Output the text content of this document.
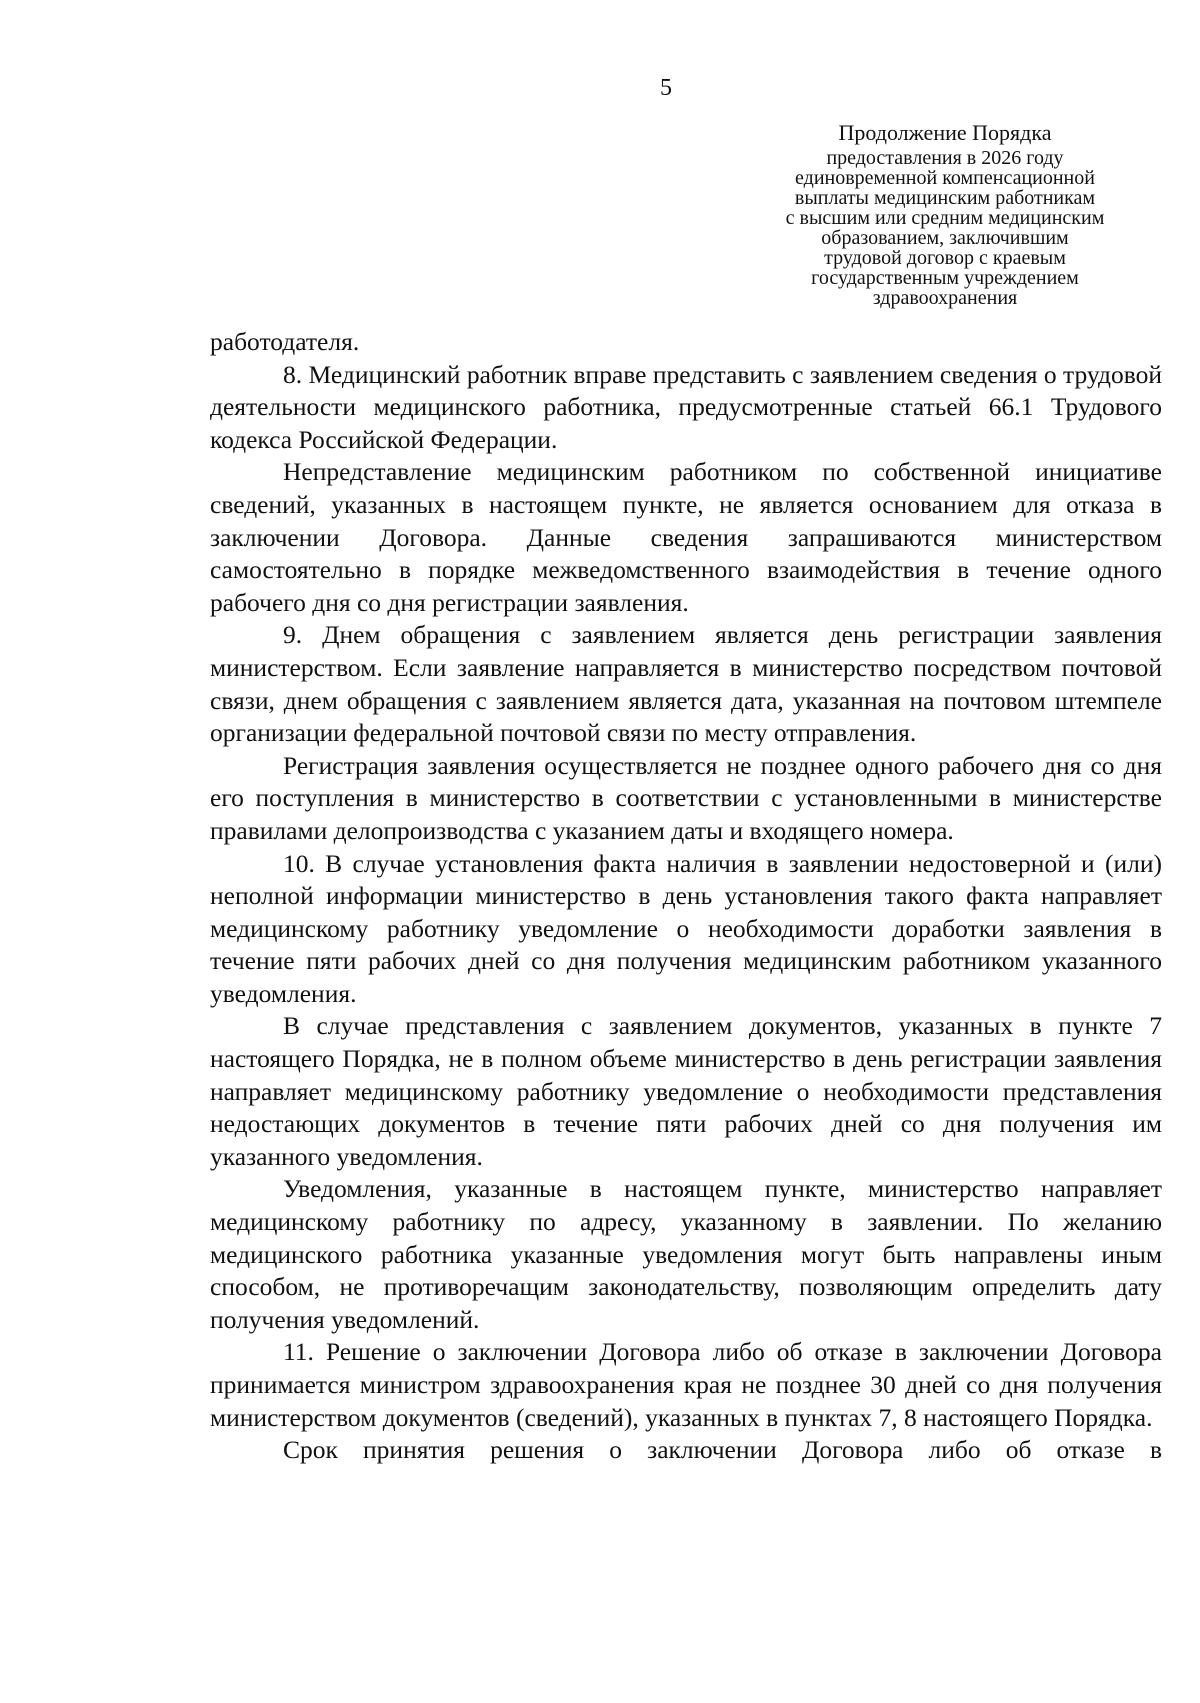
5
Продолжение Порядка
предоставления в 2026 году
единовременной компенсационной
выплаты медицинским работникам
с высшим или средним медицинским
образованием, заключившим
трудовой договор с краевым
государственным учреждением
здравоохранения

работодателя.

8. Медицинский работник вправе представить с заявлением сведения о трудовой деятельности медицинского работника, предусмотренные статьей 66.1 Трудового кодекса Российской Федерации.

Непредставление медицинским работником по собственной инициативе сведений, указанных в настоящем пункте, не является основанием для отказа в заключении Договора. Данные сведения запрашиваются министерством самостоятельно в порядке межведомственного взаимодействия в течение одного рабочего дня со дня регистрации заявления.

9. Днем обращения с заявлением является день регистрации заявления министерством. Если заявление направляется в министерство посредством почтовой связи, днем обращения с заявлением является дата, указанная на почтовом штемпеле организации федеральной почтовой связи по месту отправления.

Регистрация заявления осуществляется не позднее одного рабочего дня со дня его поступления в министерство в соответствии с установленными в министерстве правилами делопроизводства с указанием даты и входящего номера.

10. В случае установления факта наличия в заявлении недостоверной и (или) неполной информации министерство в день установления такого факта направляет медицинскому работнику уведомление о необходимости доработки заявления в течение пяти рабочих дней со дня получения медицинским работником указанного уведомления.

В случае представления с заявлением документов, указанных в пункте 7 настоящего Порядка, не в полном объеме министерство в день регистрации заявления направляет медицинскому работнику уведомление о необходимости представления недостающих документов в течение пяти рабочих дней со дня получения им указанного уведомления.

Уведомления, указанные в настоящем пункте, министерство направляет медицинскому работнику по адресу, указанному в заявлении. По желанию медицинского работника указанные уведомления могут быть направлены иным способом, не противоречащим законодательству, позволяющим определить дату получения уведомлений.

11. Решение о заключении Договора либо об отказе в заключении Договора принимается министром здравоохранения края не позднее 30 дней со дня получения министерством документов (сведений), указанных в пунктах 7, 8 настоящего Порядка.

Срок принятия решения о заключении Договора либо об отказе в
